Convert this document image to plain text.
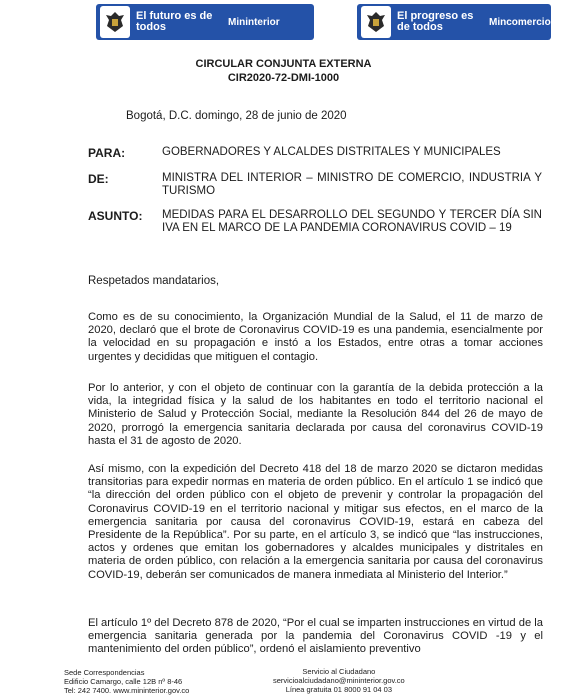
El futuro es de todos	Mininterior	El progreso es de todos	Mincomercio
CIRCULAR CONJUNTA EXTERNA
CIR2020-72-DMI-1000
Bogotá, D.C. domingo, 28 de junio de 2020
PARA:	GOBERNADORES Y ALCALDES DISTRITALES Y MUNICIPALES
DE:	MINISTRA DEL INTERIOR – MINISTRO DE COMERCIO, INDUSTRIA Y TURISMO
ASUNTO: MEDIDAS PARA EL DESARROLLO DEL SEGUNDO Y TERCER DÍA SIN IVA EN EL MARCO DE LA PANDEMIA CORONAVIRUS COVID – 19
Respetados mandatarios,

Como es de su conocimiento, la Organización Mundial de la Salud, el 11 de marzo de 2020, declaró que el brote de Coronavirus COVID-19 es una pandemia, esencialmente por la velocidad en su propagación e instó a los Estados, entre otras a tomar acciones urgentes y decididas que mitiguen el contagio.

Por lo anterior, y con el objeto de continuar con la garantía de la debida protección a la vida, la integridad física y la salud de los habitantes en todo el territorio nacional el Ministerio de Salud y Protección Social, mediante la Resolución 844 del 26 de mayo de 2020, prorrogó la emergencia sanitaria declarada por causa del coronavirus COVID-19 hasta el 31 de agosto de 2020.

Así mismo, con la expedición del Decreto 418 del 18 de marzo 2020 se dictaron medidas transitorias para expedir normas en materia de orden público. En el artículo 1 se indicó que “la dirección del orden público con el objeto de prevenir y controlar la propagación del Coronavirus COVID-19 en el territorio nacional y mitigar sus efectos, en el marco de la emergencia sanitaria por causa del coronavirus COVID-19, estará en cabeza del Presidente de la República”. Por su parte, en el artículo 3, se indicó que “las instrucciones, actos y ordenes que emitan los gobernadores y alcaldes municipales y distritales en materia de orden público, con relación a la emergencia sanitaria por causa del coronavirus COVID-19, deberán ser comunicados de manera inmediata al Ministerio del Interior.”

El artículo 1º del Decreto 878 de 2020, “Por el cual se imparten instrucciones en virtud de la emergencia sanitaria generada por la pandemia del Coronavirus COVID -19 y el mantenimiento del orden público”, ordenó el aislamiento preventivo

Sede Correspondencias
Edificio Camargo, calle 12B nº 8-46
Tel: 242 7400. www.mininterior.gov.co
Servicio al Ciudadano
servicioalciudadano@mininterior.gov.co
Línea gratuita 01 8000 91 04 03
